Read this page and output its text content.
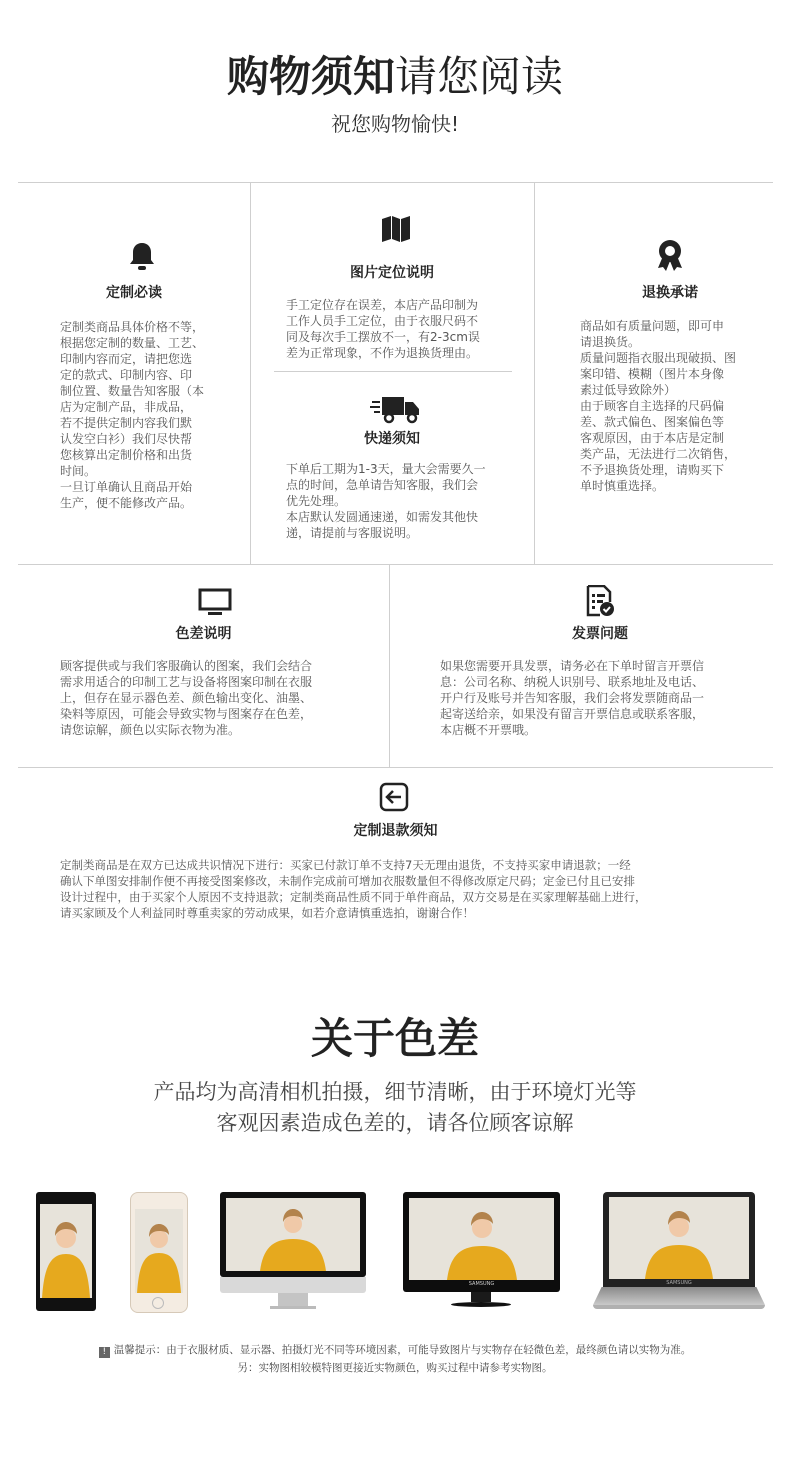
购物须知请您阅读
祝您购物愉快!
定制必读

定制类商品具体价格不等，

根据您定制的数量、工艺、

印制内容而定，请把您选

定的款式、印制内容、印

制位置、数量告知客服（本

店为定制产品，非成品，

若不提供定制内容我们默

认发空白衫）我们尽快帮

您核算出定制价格和出货

时间。

一旦订单确认且商品开始

生产，便不能修改产品。

图片定位说明

手工定位存在误差，本店产品印制为

工作人员手工定位，由于衣服尺码不

同及每次手工摆放不一，有2-3cm误

差为正常现象，不作为退换货理由。

快递须知

下单后工期为1-3天，量大会需要久一

点的时间，急单请告知客服，我们会

优先处理。

本店默认发圆通速递，如需发其他快

递，请提前与客服说明。

退换承诺

商品如有质量问题，即可申

请退换货。

质量问题指衣服出现破损、图

案印错、模糊（图片本身像

素过低导致除外）

由于顾客自主选择的尺码偏

差、款式偏色、图案偏色等

客观原因，由于本店是定制

类产品，无法进行二次销售，

不予退换货处理，请购买下

单时慎重选择。

色差说明

顾客提供或与我们客服确认的图案，我们会结合

需求用适合的印制工艺与设备将图案印制在衣服

上，但存在显示器色差、颜色输出变化、油墨、

染料等原因，可能会导致实物与图案存在色差，

请您谅解，颜色以实际衣物为准。

发票问题

如果您需要开具发票，请务必在下单时留言开票信

息：公司名称、纳税人识别号、联系地址及电话、

开户行及账号并告知客服，我们会将发票随商品一

起寄送给亲，如果没有留言开票信息或联系客服，

本店概不开票哦。

定制退款须知

定制类商品是在双方已达成共识情况下进行：买家已付款订单不支持7天无理由退货，不支持买家申请退款；一经

确认下单图安排制作便不再接受图案修改，未制作完成前可增加衣服数量但不得修改原定尺码；定金已付且已安排

设计过程中，由于买家个人原因不支持退款；定制类商品性质不同于单件商品，双方交易是在买家理解基础上进行，

请买家顾及个人利益同时尊重卖家的劳动成果，如若介意请慎重选拍，谢谢合作！

关于色差
产品均为高清相机拍摄，细节清晰，由于环境灯光等
客观因素造成色差的，请各位顾客谅解
SAMSUNG	SAMSUNG
! 温馨提示：由于衣服材质、显示器、拍摄灯光不同等环境因素，可能导致图片与实物存在轻微色差，最终颜色请以实物为准。
另：实物图相较模特图更接近实物颜色，购买过程中请参考实物图。
